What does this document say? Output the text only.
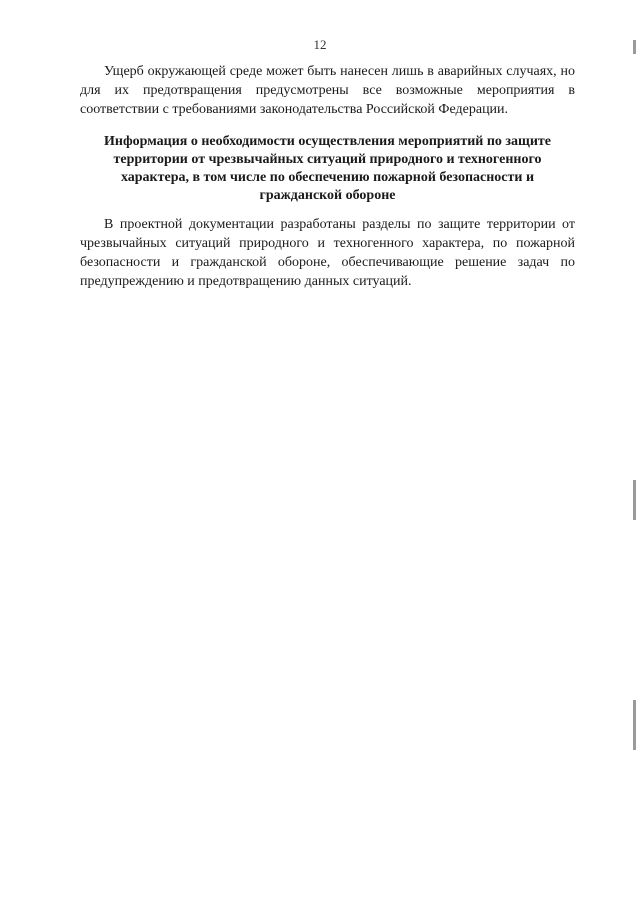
12

Ущерб окружающей среде может быть нанесен лишь в аварийных случаях, но для их предотвращения предусмотрены все возможные мероприятия в соответствии с требованиями законодательства Российской Федерации.

Информация о необходимости осуществления мероприятий по защите территории от чрезвычайных ситуаций природного и техногенного характера, в том числе по обеспечению пожарной безопасности и гражданской обороне

В проектной документации разработаны разделы по защите территории от чрезвычайных ситуаций природного и техногенного характера, по пожарной безопасности и гражданской обороне, обеспечивающие решение задач по предупреждению и предотвращению данных ситуаций.
